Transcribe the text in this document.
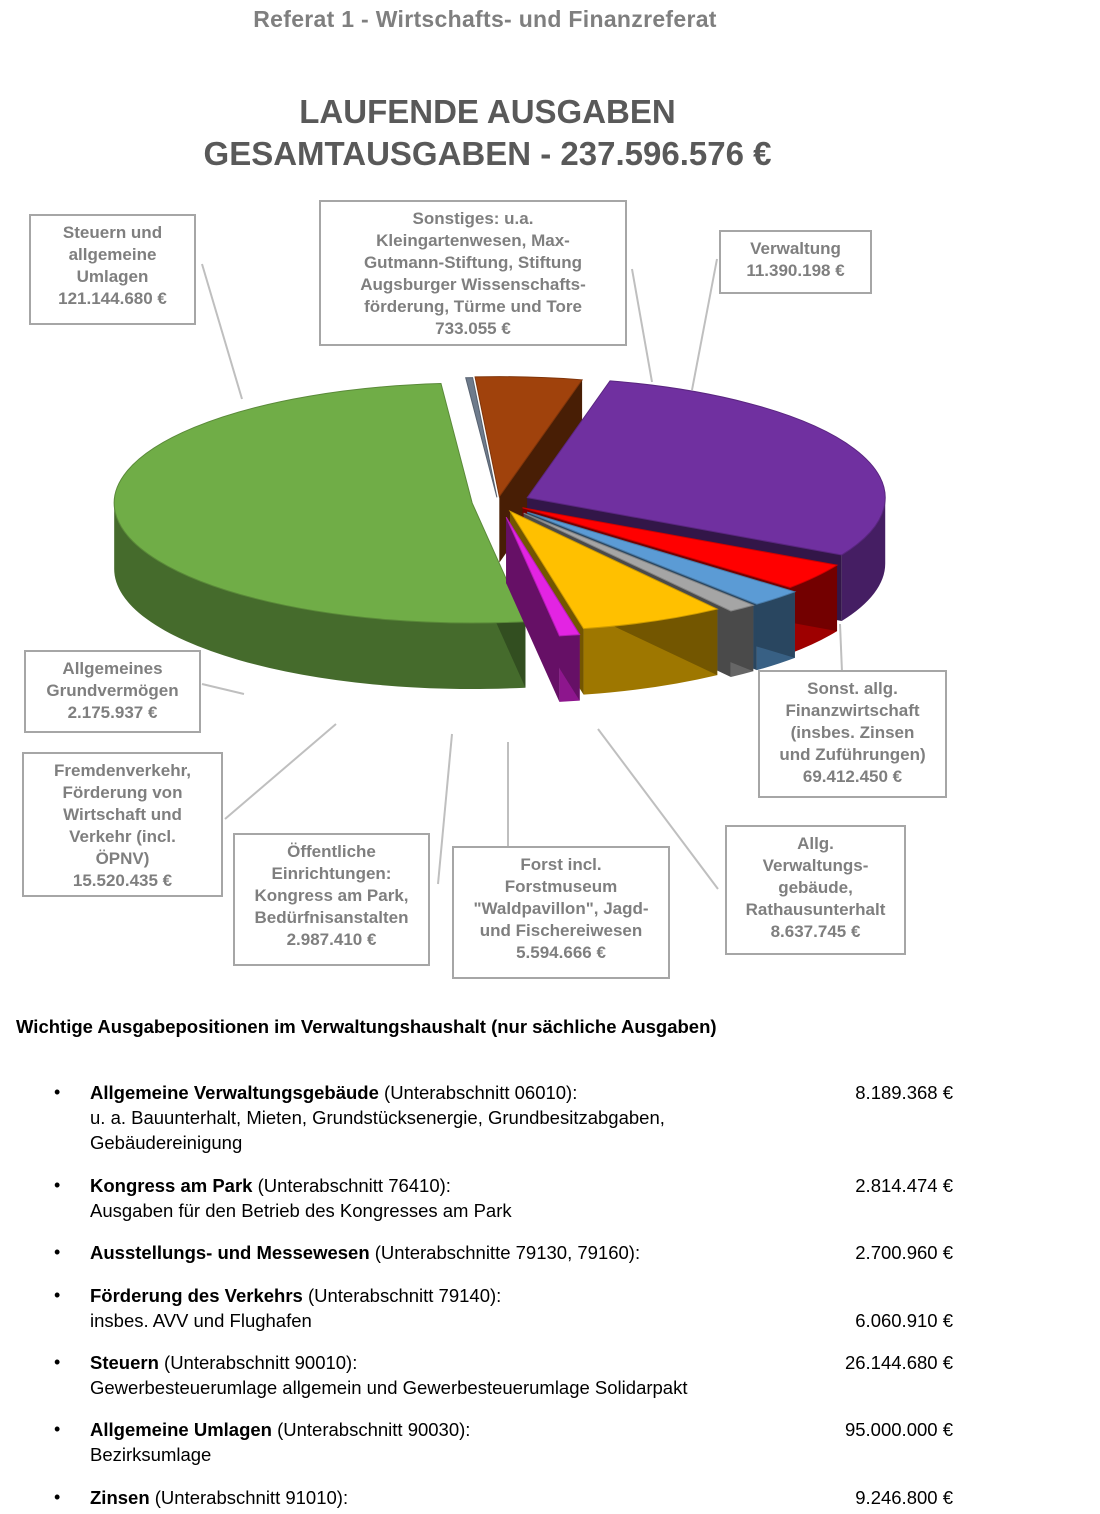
Referat 1 - Wirtschafts- und Finanzreferat
LAUFENDE AUSGABEN
GESAMTAUSGABEN - 237.596.576 €
Steuern und
allgemeine
Umlagen
121.144.680 €
Sonstiges: u.a.
Kleingartenwesen, Max-
Gutmann-Stiftung, Stiftung
Augsburger Wissenschafts-
förderung, Türme und Tore
733.055 €
Verwaltung
11.390.198 €
Sonst. allg.
Finanzwirtschaft
(insbes. Zinsen
und Zuführungen)
69.412.450 €
Allg.
Verwaltungs-
gebäude,
Rathausunterhalt
8.637.745 €
Forst incl.
Forstmuseum
"Waldpavillon", Jagd-
und Fischereiwesen
5.594.666 €
Öffentliche
Einrichtungen:
Kongress am Park,
Bedürfnisanstalten
2.987.410 €
Fremdenverkehr,
Förderung von
Wirtschaft und
Verkehr (incl.
ÖPNV)
15.520.435 €
Allgemeines
Grundvermögen
2.175.937 €
Wichtige Ausgabepositionen im Verwaltungshaushalt (nur sächliche Ausgaben)
• Allgemeine Verwaltungsgebäude (Unterabschnitt 06010):
u. a. Bauunterhalt, Mieten, Grundstücksenergie, Grundbesitzabgaben, Gebäudereinigung
8.189.368 €
• Kongress am Park (Unterabschnitt 76410):
Ausgaben für den Betrieb des Kongresses am Park
2.814.474 €
• Ausstellungs- und Messewesen (Unterabschnitte 79130, 79160):	2.700.960 €
• Förderung des Verkehrs (Unterabschnitt 79140):
insbes. AVV und Flughafen	6.060.910 €
• Steuern (Unterabschnitt 90010):
Gewerbesteuerumlage allgemein und Gewerbesteuerumlage Solidarpakt
26.144.680 €
• Allgemeine Umlagen (Unterabschnitt 90030):
Bezirksumlage
95.000.000 €
• Zinsen (Unterabschnitt 91010):	9.246.800 €
